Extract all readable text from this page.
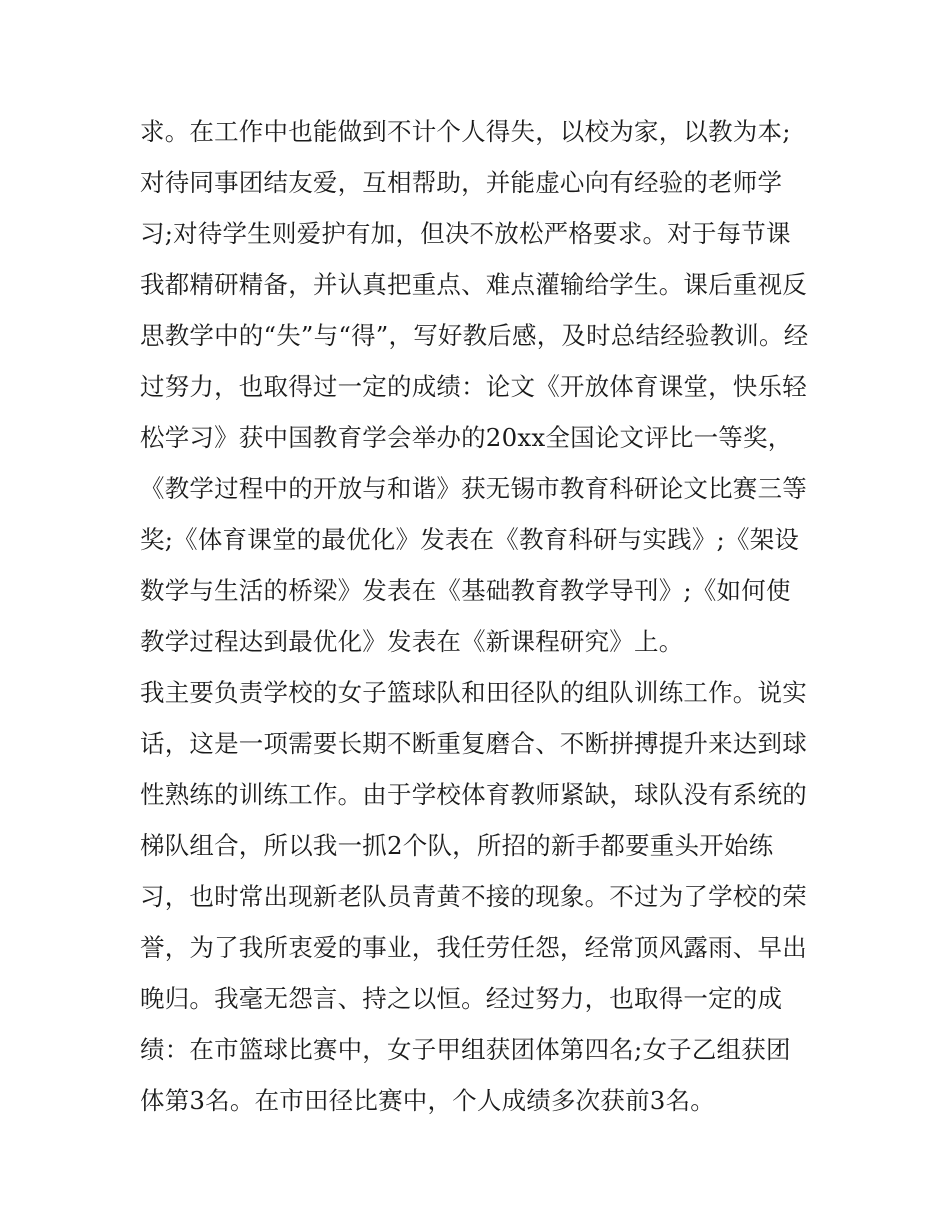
求。在工作中也能做到不计个人得失，以校为家，以教为本;
对待同事团结友爱，互相帮助，并能虚心向有经验的老师学
习;对待学生则爱护有加，但决不放松严格要求。对于每节课
我都精研精备，并认真把重点、难点灌输给学生。课后重视反
思教学中的“失”与“得”，写好教后感，及时总结经验教训。经
过努力，也取得过一定的成绩：论文《开放体育课堂，快乐轻
松学习》获中国教育学会举办的20xx全国论文评比一等奖，
《教学过程中的开放与和谐》获无锡市教育科研论文比赛三等
奖;《体育课堂的最优化》发表在《教育科研与实践》;《架设
数学与生活的桥梁》发表在《基础教育教学导刊》;《如何使
教学过程达到最优化》发表在《新课程研究》上。
我主要负责学校的女子篮球队和田径队的组队训练工作。说实
话，这是一项需要长期不断重复磨合、不断拼搏提升来达到球
性熟练的训练工作。由于学校体育教师紧缺，球队没有系统的
梯队组合，所以我一抓2个队，所招的新手都要重头开始练
习，也时常出现新老队员青黄不接的现象。不过为了学校的荣
誉，为了我所衷爱的事业，我任劳任怨，经常顶风露雨、早出
晚归。我毫无怨言、持之以恒。经过努力，也取得一定的成
绩：在市篮球比赛中，女子甲组获团体第四名;女子乙组获团
体第3名。在市田径比赛中，个人成绩多次获前3名。
